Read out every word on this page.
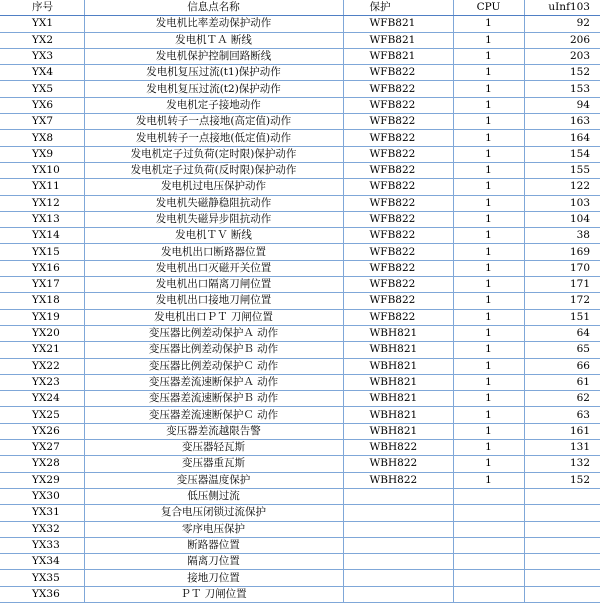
序号	信息点名称	保护	CPU	uInf103
YX1	发电机比率差动保护动作	WFB821	1	92
YX2	发电机ＴＡ 断线	WFB821	1	206
YX3	发电机保护控制回路断线	WFB821	1	203
YX4	发电机复压过流(t1)保护动作	WFB822	1	152
YX5	发电机复压过流(t2)保护动作	WFB822	1	153
YX6	发电机定子接地动作	WFB822	1	94
YX7	发电机转子一点接地(高定值)动作	WFB822	1	163
YX8	发电机转子一点接地(低定值)动作	WFB822	1	164
YX9	发电机定子过负荷(定时限)保护动作	WFB822	1	154
YX10	发电机定子过负荷(反时限)保护动作	WFB822	1	155
YX11	发电机过电压保护动作	WFB822	1	122
YX12	发电机失磁静稳阻抗动作	WFB822	1	103
YX13	发电机失磁异步阻抗动作	WFB822	1	104
YX14	发电机ＴＶ 断线	WFB822	1	38
YX15	发电机出口断路器位置	WFB822	1	169
YX16	发电机出口灭磁开关位置	WFB822	1	170
YX17	发电机出口隔离刀闸位置	WFB822	1	171
YX18	发电机出口接地刀闸位置	WFB822	1	172
YX19	发电机出口ＰＴ 刀闸位置	WFB822	1	151
YX20	变压器比例差动保护Ａ 动作	WBH821	1	64
YX21	变压器比例差动保护Ｂ 动作	WBH821	1	65
YX22	变压器比例差动保护Ｃ 动作	WBH821	1	66
YX23	变压器差流速断保护Ａ 动作	WBH821	1	61
YX24	变压器差流速断保护Ｂ 动作	WBH821	1	62
YX25	变压器差流速断保护Ｃ 动作	WBH821	1	63
YX26	变压器差流越限告警	WBH821	1	161
YX27	变压器轻瓦斯	WBH822	1	131
YX28	变压器重瓦斯	WBH822	1	132
YX29	变压器温度保护	WBH822	1	152
YX30	低压侧过流			
YX31	复合电压闭锁过流保护			
YX32	零序电压保护			
YX33	断路器位置			
YX34	隔离刀位置			
YX35	接地刀位置			
YX36	ＰＴ 刀闸位置			
